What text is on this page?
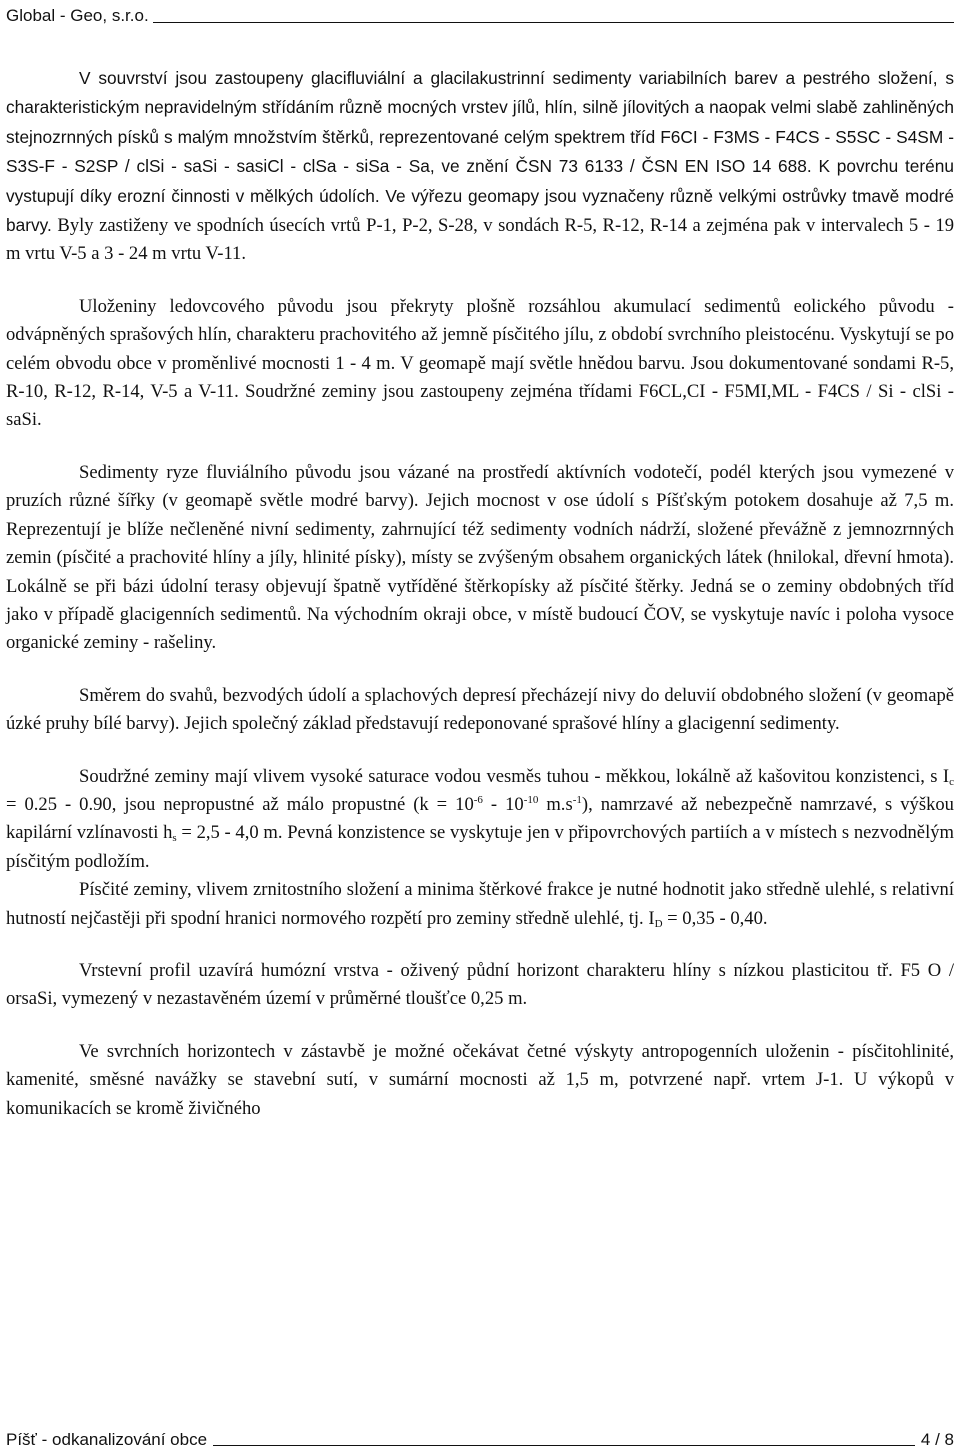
Global - Geo, s.r.o.

V souvrství jsou zastoupeny glacifluviální a glacilakustrinní sedimenty variabilních barev a pestrého složení, s charakteristickým nepravidelným střídáním různě mocných vrstev jílů, hlín, silně jílovitých a naopak velmi slabě zahliněných stejnozrnných písků s malým množstvím štěrků, reprezentované celým spektrem tříd F6CI - F3MS - F4CS - S5SC - S4SM - S3S-F - S2SP / clSi - saSi - sasiCl - clSa - siSa - Sa, ve znění ČSN 73 6133 / ČSN EN ISO 14 688. K povrchu terénu vystupují díky erozní činnosti v mělkých údolích. Ve výřezu geomapy jsou vyznačeny různě velkými ostrůvky tmavě modré barvy. Byly zastiženy ve spodních úsecích vrtů P-1, P-2, S-28, v sondách R-5, R-12, R-14 a zejména pak v intervalech 5 - 19 m vrtu V-5 a 3 - 24 m vrtu V-11.

Uloženiny ledovcového původu jsou překryty plošně rozsáhlou akumulací sedimentů eolického původu - odvápněných sprašových hlín, charakteru prachovitého až jemně písčitého jílu, z období svrchního pleistocénu. Vyskytují se po celém obvodu obce v proměnlivé mocnosti 1 - 4 m. V geomapě mají světle hnědou barvu. Jsou dokumentované sondami R-5, R-10, R-12, R-14, V-5 a V-11. Soudržné zeminy jsou zastoupeny zejména třídami F6CL,CI - F5MI,ML - F4CS / Si - clSi - saSi.

Sedimenty ryze fluviálního původu jsou vázané na prostředí aktívních vodotečí, podél kterých jsou vymezené v pruzích různé šířky (v geomapě světle modré barvy). Jejich mocnost v ose údolí s Píšťským potokem dosahuje až 7,5 m. Reprezentují je blíže nečleněné nivní sedimenty, zahrnující též sedimenty vodních nádrží, složené převážně z jemnozrnných zemin (písčité a prachovité hlíny a jíly, hlinité písky), místy se zvýšeným obsahem organických látek (hnilokal, dřevní hmota). Lokálně se při bázi údolní terasy objevují špatně vytříděné štěrkopísky až písčité štěrky. Jedná se o zeminy obdobných tříd jako v případě glacigenních sedimentů. Na východním okraji obce, v místě budoucí ČOV, se vyskytuje navíc i poloha vysoce organické zeminy - rašeliny.

Směrem do svahů, bezvodých údolí a splachových depresí přecházejí nivy do deluvií obdobného složení (v geomapě úzké pruhy bílé barvy). Jejich společný základ představují redeponované sprašové hlíny a glacigenní sedimenty.

Soudržné zeminy mají vlivem vysoké saturace vodou vesměs tuhou - měkkou, lokálně až kašovitou konzistenci, s $I_c = 0.25 - 0.90$, jsou nepropustné až málo propustné ($k = 10^{-6} - 10^{-10}$ $m.s^{-1}$), namrzavé až nebezpečně namrzavé, s výškou kapilární vzlínavosti $h_s = 2,5 - 4,0$ m. Pevná konzistence se vyskytuje jen v připovrchových partiích a v místech s nezvodnělým písčitým podložím.

Písčité zeminy, vlivem zrnitostního složení a minima štěrkové frakce je nutné hodnotit jako středně ulehlé, s relativní hutností nejčastěji při spodní hranici normového rozpětí pro zeminy středně ulehlé, tj. $I_D = 0,35 - 0,40$.

Vrstevní profil uzavírá humózní vrstva - oživený půdní horizont charakteru hlíny s nízkou plasticitou tř. F5 O / orsaSi, vymezený v nezastavěném území v průměrné tloušťce 0,25 m.

Ve svrchních horizontech v zástavbě je možné očekávat četné výskyty antropogenních uloženin - písčitohlinité, kamenité, směsné navážky se stavební sutí, v sumární mocnosti až 1,5 m, potvrzené např. vrtem J-1. U výkopů v komunikacích se kromě živičného

Píšť - odkanalizování obce	4 / 8
